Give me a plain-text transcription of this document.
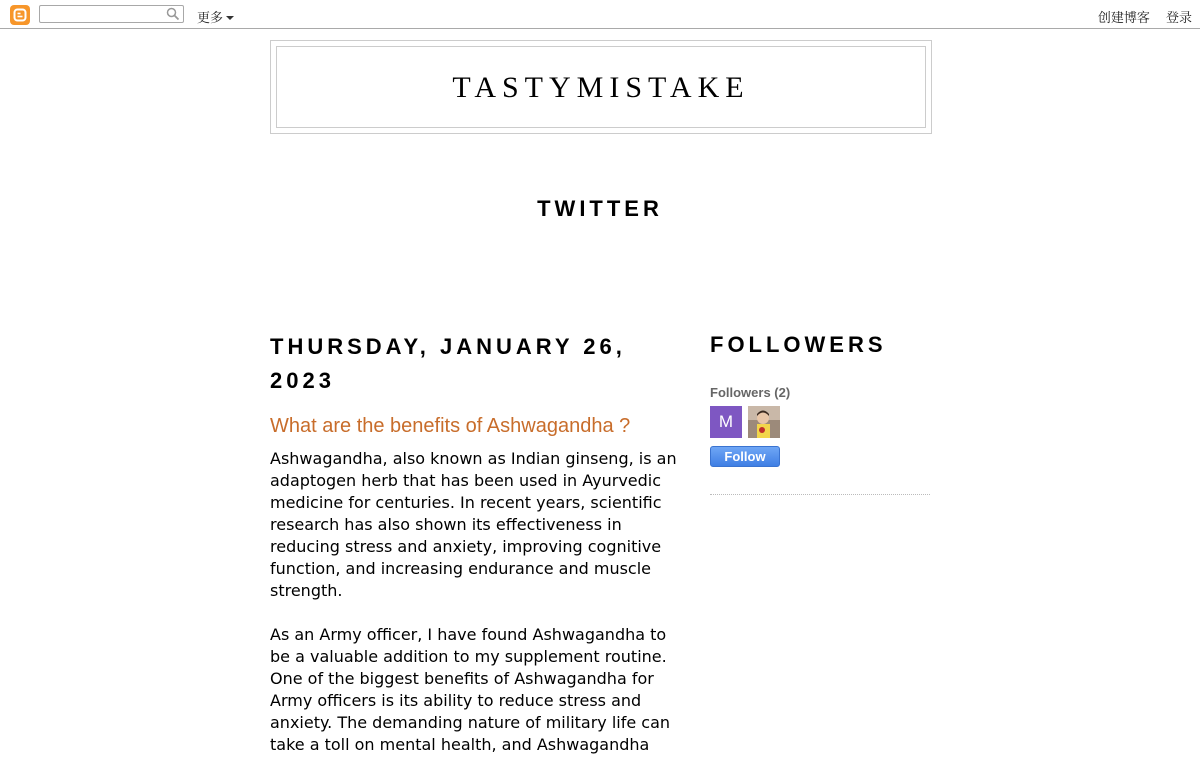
更多	创建博客 登录
TASTYMISTAKE
TWITTER
THURSDAY, JANUARY 26, 2023
What are the benefits of Ashwagandha ?

Ashwagandha, also known as Indian ginseng, is an adaptogen herb that has been used in Ayurvedic medicine for centuries. In recent years, scientific research has also shown its effectiveness in reducing stress and anxiety, improving cognitive function, and increasing endurance and muscle strength.

As an Army officer, I have found Ashwagandha to be a valuable addition to my supplement routine. One of the biggest benefits of Ashwagandha for Army officers is its ability to reduce stress and anxiety. The demanding nature of military life can take a toll on mental health, and Ashwagandha

FOLLOWERS
Followers (2)
M
Follow
